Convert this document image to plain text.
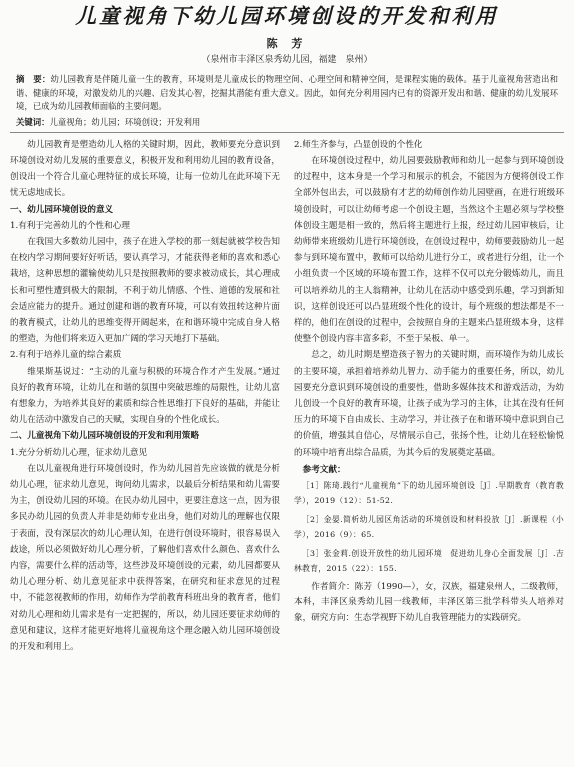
儿童视角下幼儿园环境创设的开发和利用
陈 芳
（泉州市丰泽区泉秀幼儿园，福建　泉州）
摘　要：幼儿园教育是伴随儿童一生的教育，环境则是儿童成长的物理空间、心理空间和精神空间，是课程实施的载体。基于儿童视角营造出和谐、健康的环境，对激发幼儿的兴趣、启发其心智，挖掘其潜能有重大意义。因此，如何充分利用园内已有的资源开发出和谐、健康的幼儿发展环境，已成为幼儿园教师面临的主要问题。
关键词：儿童视角；幼儿园；环境创设；开发利用

幼儿园教育是塑造幼儿人格的关键时期，因此，教师要充分意识到环境创设对幼儿发展的重要意义，积极开发和利用幼儿园的教育设备，创设出一个符合儿童心理特征的成长环境，让每一位幼儿在此环境下无忧无虑地成长。

一、幼儿园环境创设的意义
1.有利于完善幼儿的个性和心理

在我国大多数幼儿园中，孩子在进入学校的那一刻起就被学校告知在校内学习期间要好好听话，要认真学习，才能获得老师的喜欢和悉心栽培，这种思想的灌输使幼儿只是按照教师的要求被动成长，其心理成长和可塑性遭到极大的限制，不利于幼儿情感、个性、道德的发展和社会适应能力的提升。通过创建和谐的教育环境，可以有效扭转这种片面的教育模式，让幼儿的思维变得开阔起来，在和谐环境中完成自身人格的塑造，为他们将来迈入更加广阔的学习天地打下基础。

2.有利于培养儿童的综合素质

维果斯基说过：“主动的儿童与积极的环境合作才产生发展。”通过良好的教育环境，让幼儿在和谐的氛围中突破思维的局限性，让幼儿富有想象力，为培养其良好的素质和综合性思维打下良好的基础，并能让幼儿在活动中激发自己的天赋，实现自身的个性化成长。

二、儿童视角下幼儿园环境创设的开发和利用策略
1.充分分析幼儿心理，征求幼儿意见

在以儿童视角进行环境创设时，作为幼儿园首先应该做的就是分析幼儿心理，征求幼儿意见，询问幼儿需求，以最后分析结果和幼儿需要为主，创设幼儿园的环境。在民办幼儿园中，更要注意这一点，因为很多民办幼儿园的负责人并非是幼师专业出身，他们对幼儿的理解也仅限于表面，没有深层次的幼儿心理认知，在进行创设环境时，很容易误入歧途，所以必须做好幼儿心理分析，了解他们喜欢什么颜色、喜欢什么内容，需要什么样的活动等，这些涉及环境创设的元素，幼儿园都要从幼儿心理分析、幼儿意见征求中获得答案，在研究和征求意见的过程中，不能忽视教师的作用，幼师作为学前教育科班出身的教育者，他们对幼儿心理和幼儿需求是有一定把握的，所以，幼儿园还要征求幼师的意见和建议，这样才能更好地将儿童视角这个理念融入幼儿园环境创设的开发和利用上。

2.师生齐参与，凸显创设的个性化

在环境创设过程中，幼儿园要鼓励教师和幼儿一起参与到环境创设的过程中，这本身是一个学习和展示的机会，不能因为方便将创设工作全部外包出去，可以鼓励有才艺的幼师创作幼儿园壁画，在进行班级环境创设时，可以让幼师考虑一个创设主题，当然这个主题必须与学校整体创设主题是相一致的，然后将主题进行上报，经过幼儿园审核后，让幼师带来班级幼儿进行环境创设，在创设过程中，幼师要鼓励幼儿一起参与到环境布置中，教师可以给幼儿进行分工，或者进行分组，让一个小组负责一个区域的环境布置工作，这样不仅可以充分锻炼幼儿，而且可以培养幼儿的主人翁精神，让幼儿在活动中感受到乐趣，学习到新知识，这样创设还可以凸显班级个性化的设计，每个班级的想法都是不一样的，他们在创设的过程中，会按照自身的主题来凸显班级本身，这样使整个创设内容丰富多彩，不至于呆板、单一。

总之，幼儿时期是塑造孩子智力的关键时期，而环境作为幼儿成长的主要环境，承担着培养幼儿智力、动手能力的重要任务，所以，幼儿园要充分意识到环境创设的重要性，借助多媒体技术和游戏活动，为幼儿创设一个良好的教育环境，让孩子成为学习的主体，让其在没有任何压力的环境下自由成长、主动学习，并让孩子在和谐环境中意识到自己的价值，增强其自信心，尽情展示自己，张扬个性，让幼儿在轻松愉悦的环境中培育出综合品质，为其今后的发展奠定基础。

参考文献：
［1］陈琦.践行“儿童视角”下的幼儿园环境创设［J］.早期教育（教育教学），2019（12）：51-52.
［2］金晏.简析幼儿园区角活动的环境创设和材料投放［J］.新课程（小学），2016（9）：65.
［3］张金莉.创设开放性的幼儿园环境　促进幼儿身心全面发展［J］.吉林教育，2015（22）：155.

作者简介：陈芳（1990—），女，汉族，福建泉州人，二级教师，本科，丰泽区泉秀幼儿园一线教师，丰泽区第三批学科带头人培养对象，研究方向：生态学视野下幼儿自我管理能力的实践研究。
